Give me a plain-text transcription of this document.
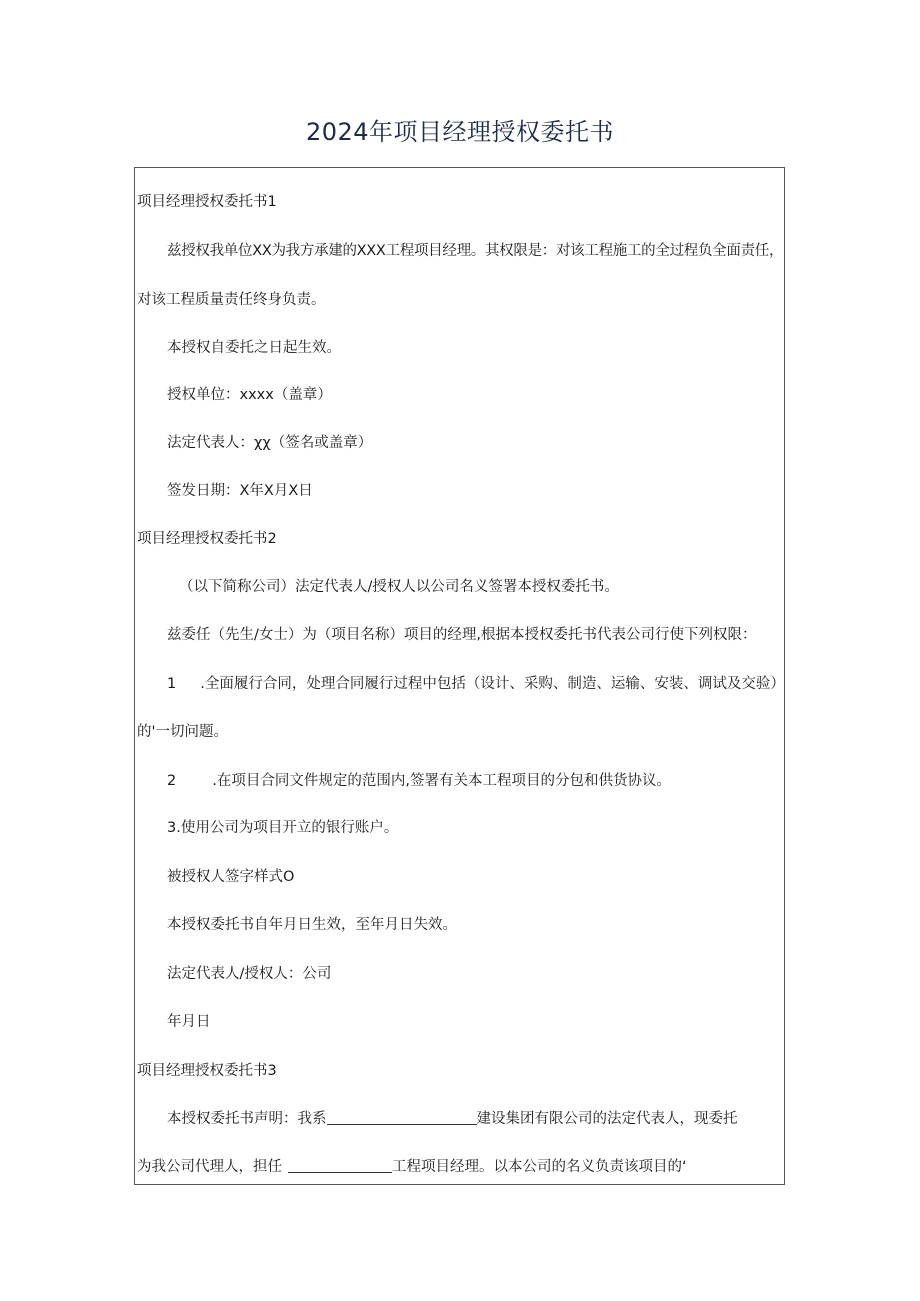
2024年项目经理授权委托书
项目经理授权委托书1
兹授权我单位XX为我方承建的XXX工程项目经理。其权限是：对该工程施工的全过程负全面责任，
对该工程质量责任终身负责。
本授权自委托之日起生效。
授权单位：xxxx（盖章）
法定代表人：χχ（签名或盖章）
签发日期：X年X月X日
项目经理授权委托书2
（以下简称公司）法定代表人/授权人以公司名义签署本授权委托书。
兹委任（先生/女士）为（项目名称）项目的经理,根据本授权委托书代表公司行使下列权限：
1 .全面履行合同，处理合同履行过程中包括（设计、采购、制造、运输、安装、调试及交验）
的'一切问题。
2 .在项目合同文件规定的范围内,签署有关本工程项目的分包和供货协议。
3.使用公司为项目开立的银行账户。
被授权人签字样式O
本授权委托书自年月日生效，至年月日失效。
法定代表人/授权人：公司
年月日
项目经理授权委托书3
本授权委托书声明：我系	建设集团有限公司的法定代表人，现委托
为我公司代理人，担任	工程项目经理。以本公司的名义负责该项目的‘
